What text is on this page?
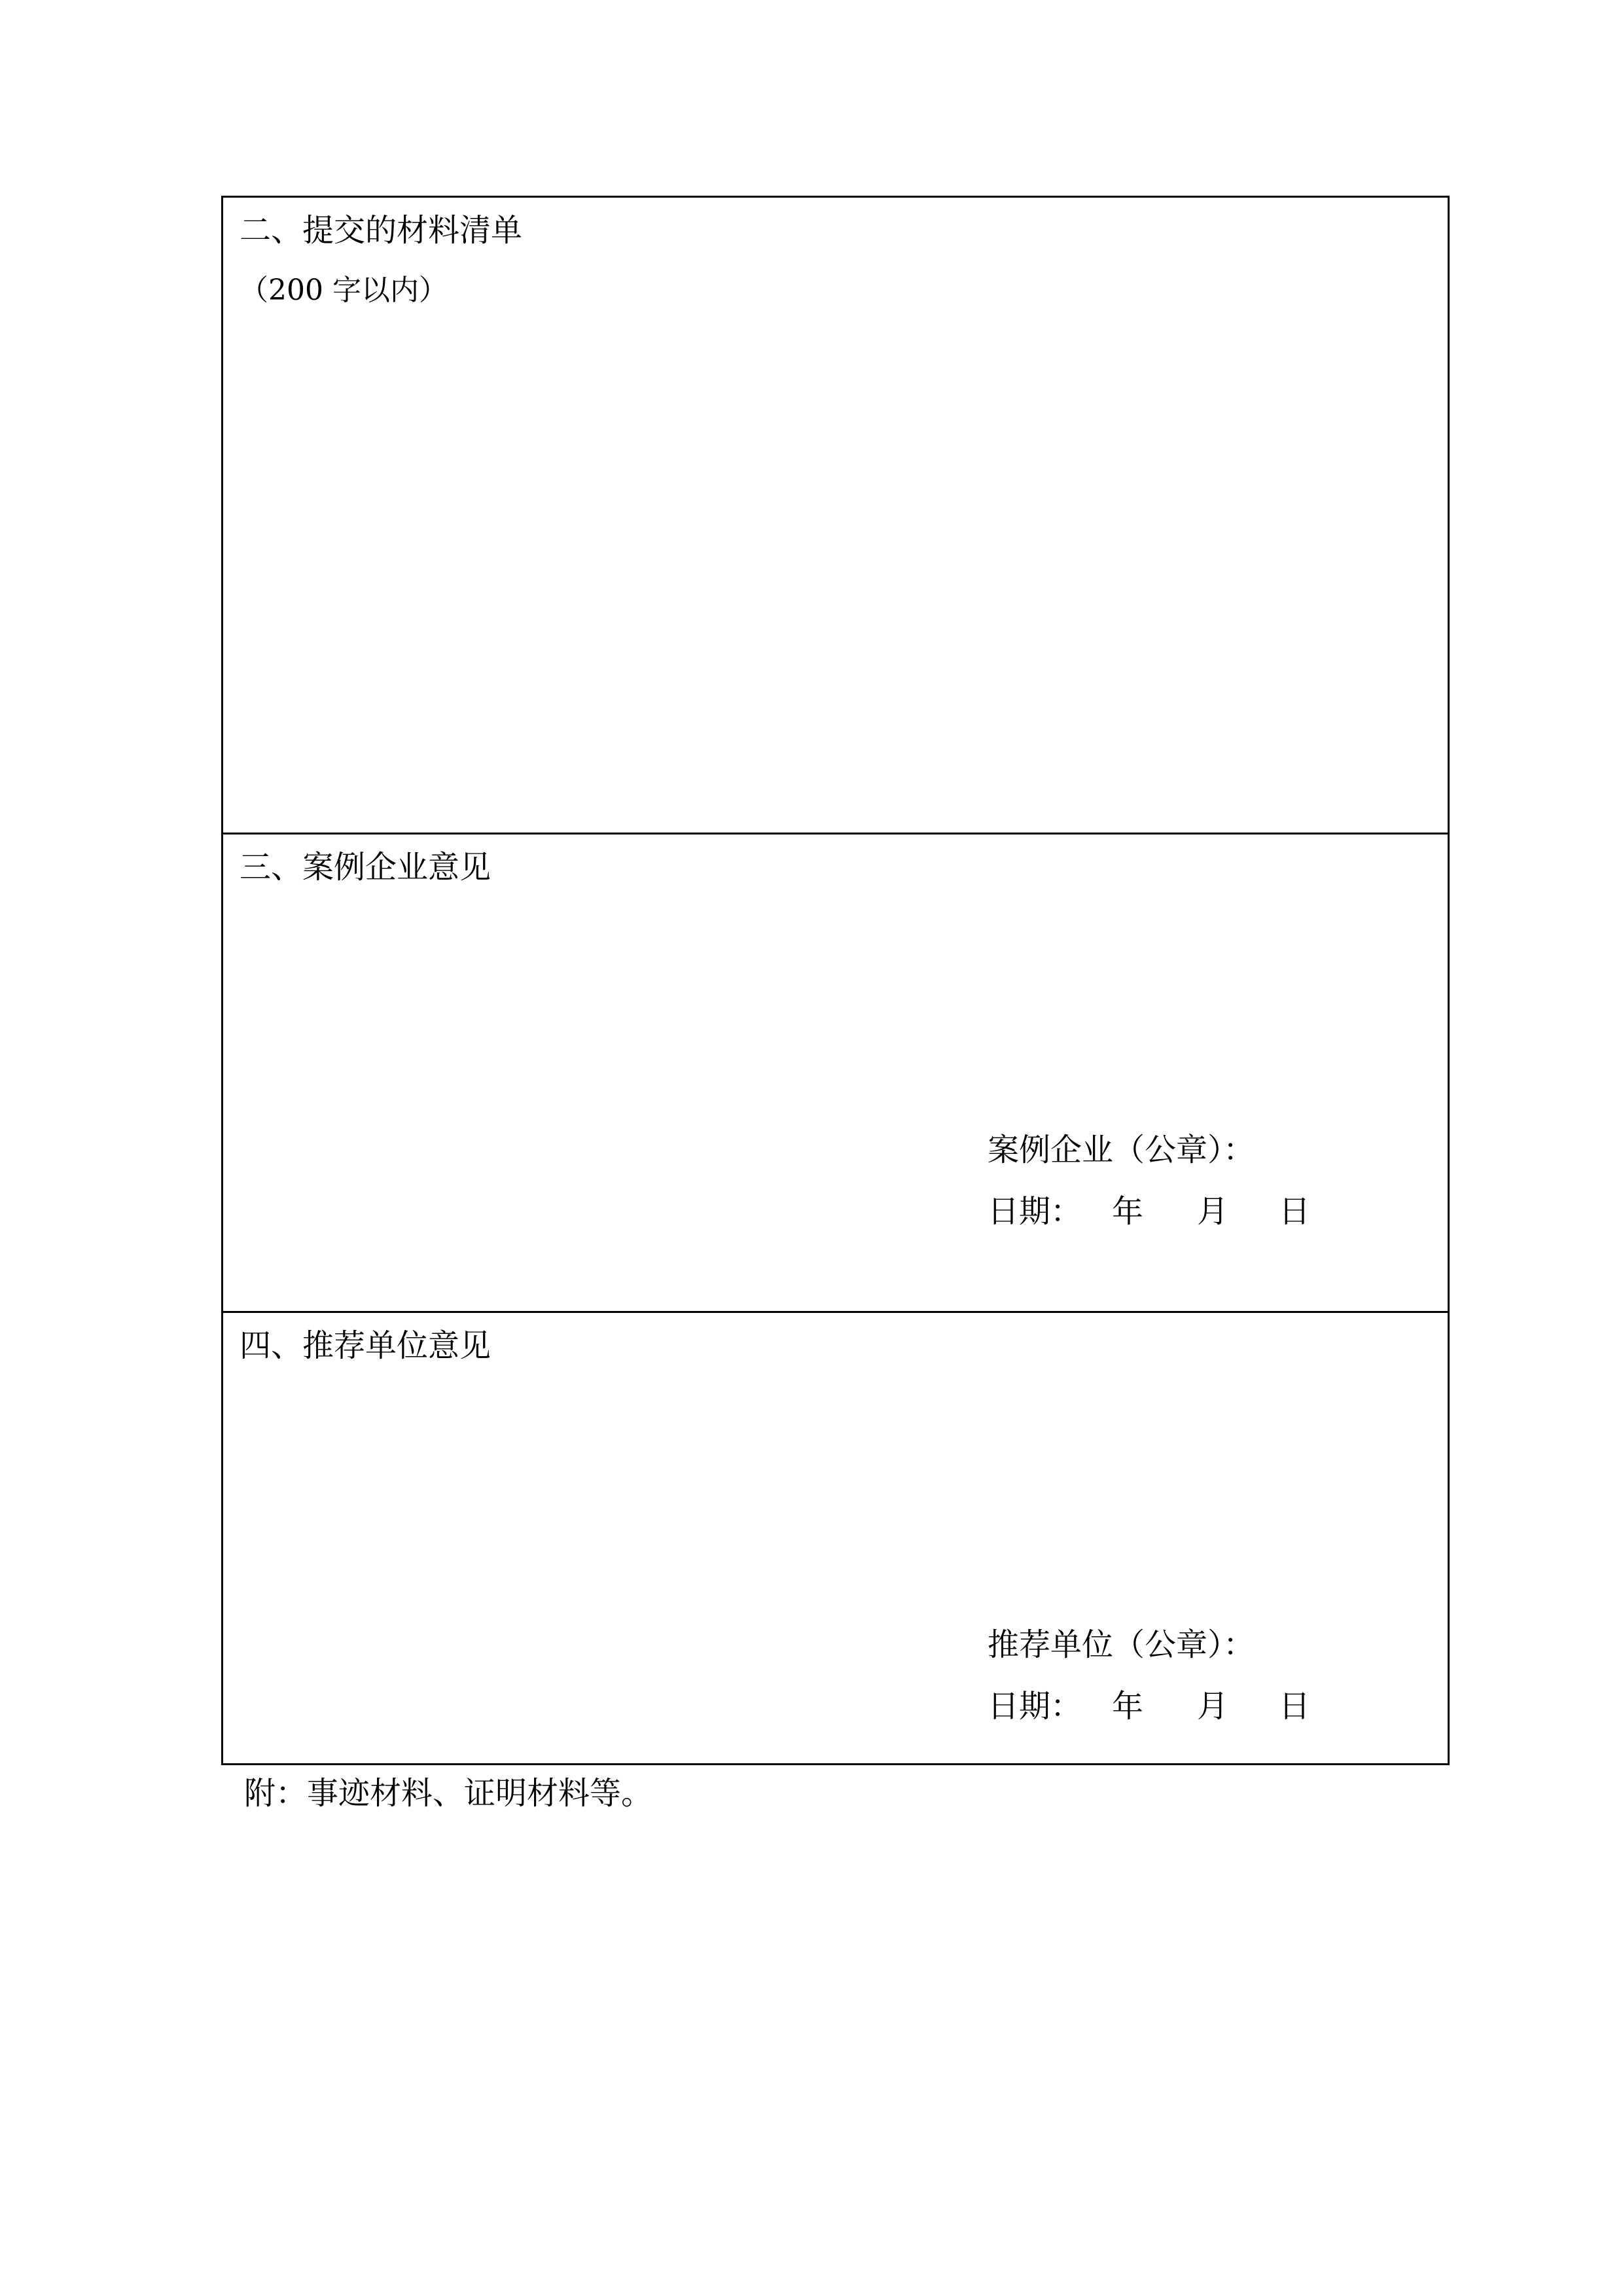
二、提交的材料清单
（200 字以内）
三、案例企业意见
案例企业（公章）：
日期： 年	月	日
四、推荐单位意见
推荐单位（公章）：
日期： 年	月	日
附：事迹材料、证明材料等。
